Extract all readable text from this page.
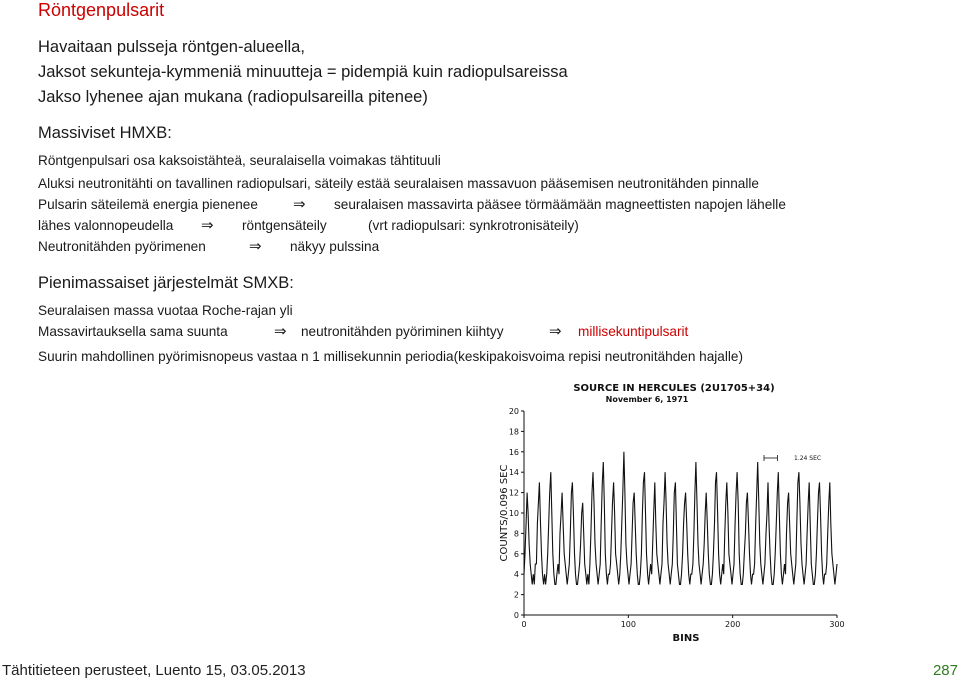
Röntgenpulsarit
Havaitaan pulsseja röntgen-alueella,
Jaksot sekunteja-kymmeniä minuutteja = pidempiä kuin radiopulsareissa
Jakso lyhenee ajan mukana (radiopulsareilla pitenee)
Massiviset HMXB:
Röntgenpulsari osa kaksoistähteä, seuralaisella voimakas tähtituuli
Aluksi neutronitähti on tavallinen radiopulsari, säteily estää seuralaisen massavuon pääsemisen neutronitähden pinnalle
Pulsarin säteilemä energia pienenee ⇒ seuralaisen massavirta pääsee törmäämään magneettisten napojen lähelle
lähes valonnopeudella ⇒ röntgensäteily	(vrt radiopulsari: synkrotronisäteily)
Neutronitähden pyörimenen	⇒ näkyy pulssina
Pienimassaiset järjestelmät SMXB:
Seuralaisen massa vuotaa Roche-rajan yli
Massavirtauksella sama suunta	⇒ neutronitähden pyöriminen kiihtyy	⇒ millisekuntipulsarit
Suurin mahdollinen pyörimisnopeus vastaa n 1 millisekunnin periodia(keskipakoisvoima repisi neutronitähden hajalle)
SOURCE IN HERCULES (2U1705+34)
November 6, 1971
COUNTS/0.096 SEC
BINS
1.24 SEC
0
2
4
6
8
10
12
14
16
18
20
0	100	200	300
Tähtitieteen perusteet, Luento 15, 03.05.2013	287
